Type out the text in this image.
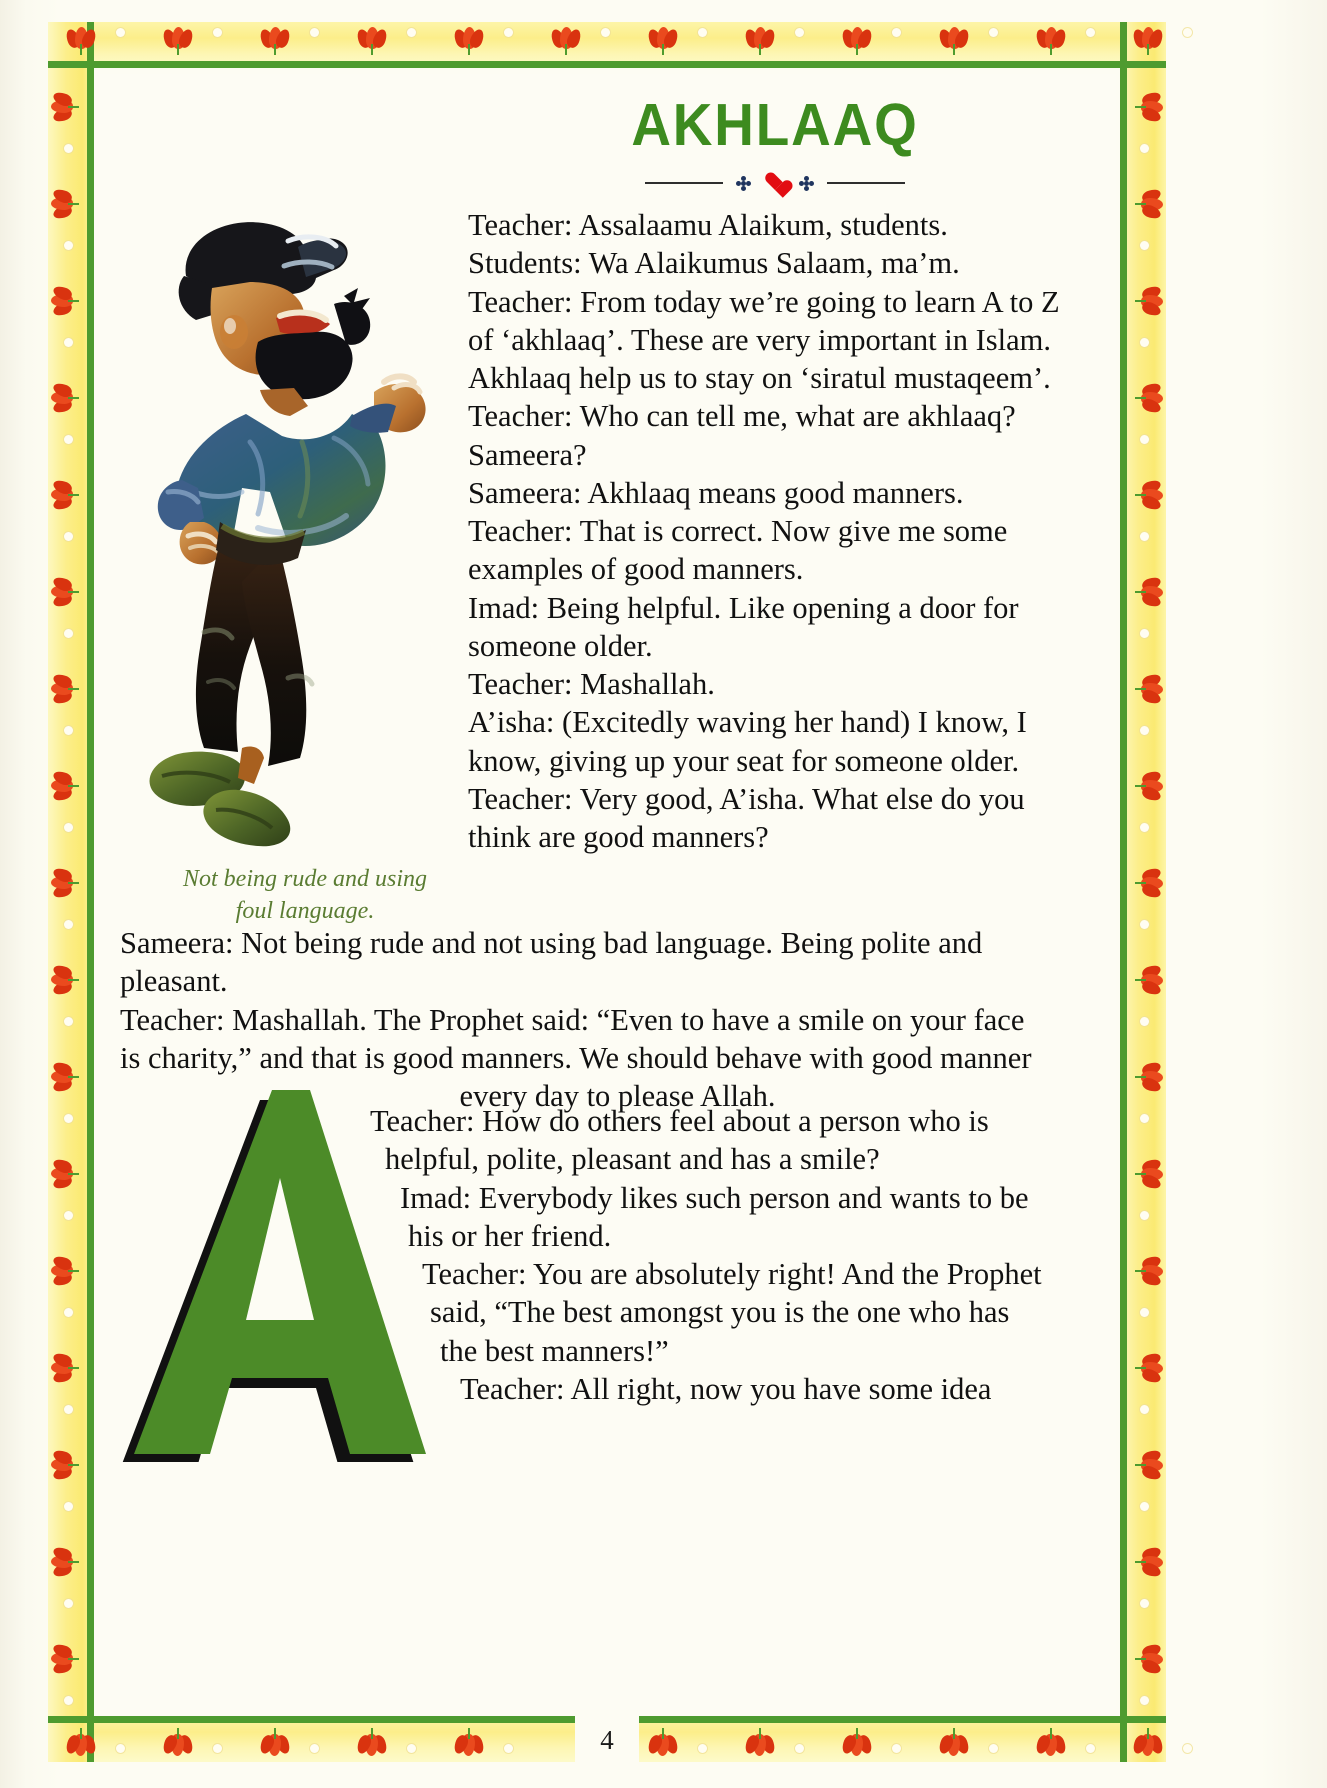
4
AKHLAAQ
Not being rude and using
foul language.
Teacher: Assalaamu Alaikum, students.
Students: Wa Alaikumus Salaam, ma’m.
Teacher: From today we’re going to learn A to Z
of ‘akhlaaq’. These are very important in Islam.
Akhlaaq help us to stay on ‘siratul mustaqeem’.
Teacher: Who can tell me, what are akhlaaq?
Sameera?
Sameera: Akhlaaq means good manners.
Teacher: That is correct. Now give me some
examples of good manners.
Imad: Being helpful. Like opening a door for
someone older.
Teacher: Mashallah.
A’isha: (Excitedly waving her hand) I know, I
know, giving up your seat for someone older.
Teacher: Very good, A’isha. What else do you
think are good manners?
Sameera: Not being rude and not using bad language. Being polite and
pleasant.
Teacher: Mashallah. The Prophet said: “Even to have a smile on your face
is charity,” and that is good manners. We should behave with good manner
every day to please Allah.
Teacher: How do others feel about a person who is
helpful, polite, pleasant and has a smile?
Imad: Everybody likes such person and wants to be
his or her friend.
Teacher: You are absolutely right! And the Prophet
said, “The best amongst you is the one who has
the best manners!”
Teacher: All right, now you have some idea
